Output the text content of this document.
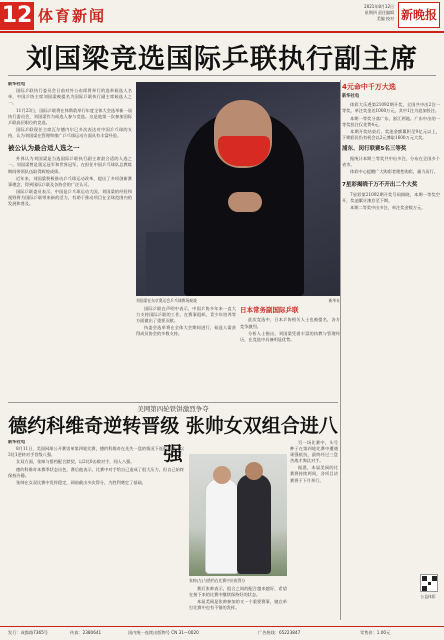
12 体育新闻
2021年8月12日
星期四 责任编辑
美编 校对 新晚报
刘国梁竞选国际乒联执行副主席
新华社电

国际乒联执行委员会日前对外公布即将举行的选举候选人名单，中国乒协主席刘国梁被提名为国际乒联执行副主席候选人之一。

11月23日，国际乒联将在休斯敦举行年度全体大会选举新一届执行委员会，刘国梁作为候选人参与竞选。这是他第一次参加国际乒联高层职位的竞选。

国际乒联现任主席瓦尔德内尔已多次表达对中国乒乓球的支持，认为刘国梁在管理和推广乒乓球运动方面具有丰富经验。

被公认为最合适人选之一

外界认为刘国梁是当选国际乒联执行副主席最合适的人选之一。刘国梁曾是奥运冠军和世界冠军，在担任中国乒乓球队总教练期间带领队伍取得辉煌成绩。

近年来，刘国梁积极推动乒乓球运动改革，提出了多项创新赛事理念，得到国际乒联及各协会的广泛认可。

国际乒联委员表示，中国是乒乓球运动大国，刘国梁的经验和视野将为国际乒联带来新的活力，有助于推动项目在全球范围内的发展和普及。

刘国梁在东京奥运会乒乓球赛场观战	新华社

国际乒联在声明中表示，中国乒协多年来一直大力支持国际乒联的工作，在赛事组织、青少年培养等方面做出了重要贡献。

执委会选举将在全体大会期间进行，候选人需获得成员协会的多数支持。

日本常务副国际乒联

此次竞选中，日本乒协相关人士也被提名，各方竞争激烈。

分析人士指出，刘国梁凭借丰富的执教与管理经历，在竞选中具备明显优势。

4元命中千万大选
新华社电

体彩大乐透第21092期开奖，全国共中出2注一等奖，单注奖金达1000万元，其中1注为追加投注。

本期一等奖分落广东、浙江两地。广东中出的一等奖投注仅花费4元。

本期开奖结束后，奖池金额累积至9亿元以上，下期彩民仍有机会以2元博取1600万元大奖。

浦东、闵行联赛5名三等奖

据统计本期三等奖共中出多注，分布在全国多个省市。

体彩中心提醒广大购彩者理性购彩，量力而行。

7星彩揭晓千万不开出二个大奖

7星彩第21092期开奖号码揭晓，本期一等奖空开，奖池累计滚存至下期。

本期二等奖中出多注，单注奖金数万元。

公益体彩
美网第四轮铁饼激烈争夺
德约科维奇逆转晋级 张帅女双组合进八强
新华社电

8月11日，美国网球公开赛男单第四轮比赛，德约科维奇在先失一盘的情况下连扳三盘，以3比1逆转对手晋级八强。

女双方面，张帅与搭档配合默契，以2比0击败对手，闯入八强。

德约科维奇本赛季状态出色，赛后他表示，比赛中对手给自己造成了很大压力，但自己始终保持冷静。

张帅在女双比赛中发挥稳定，网前截击多次得分，为胜利奠定了基础。

张帅(左)与搭档在比赛中庆祝得分

赛后张帅表示，组合之间的配合越来越好，希望在接下来的比赛中继续保持好的状态。

本届美网是张帅参加的又一个重要赛事，她在单打比赛中也有不错的发挥。

另一场比赛中，头号种子在第四轮比赛中遭遇顽强抵抗，最终经过三盘苦战才淘汰对手。

据悉，本届美网的比赛将持续两周，各项目决赛将于下月举行。

发行：成都路7365号	传真：2380641	国内统一连续出版物号 CN 31—0020	广告热线：65223847	零售价：1.00元
